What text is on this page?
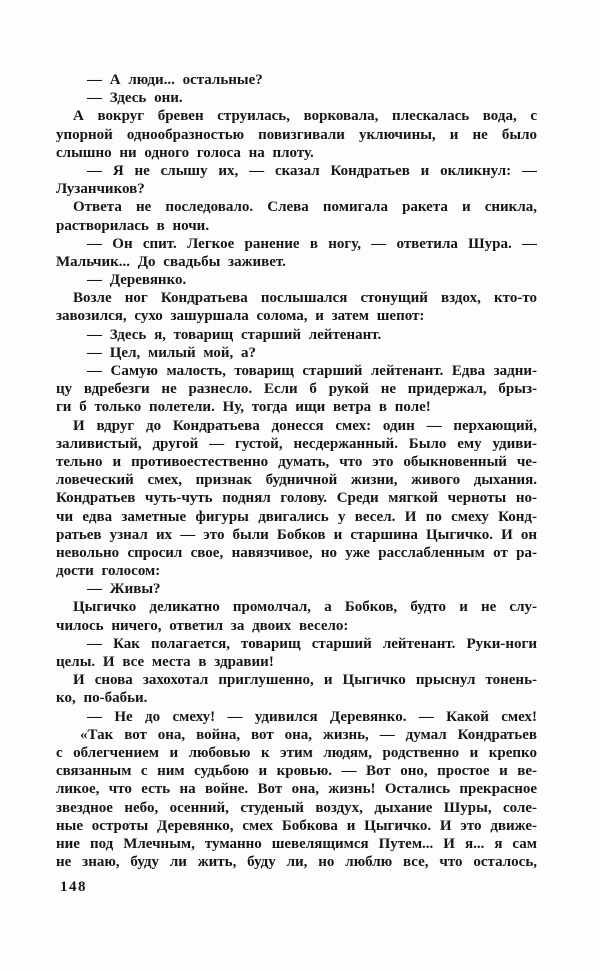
— А люди... остальные?
— Здесь они.
А вокруг бревен струилась, ворковала, плескалась вода, с
упорной однообразностью повизгивали уключины, и не было
слышно ни одного голоса на плоту.
— Я не слышу их, — сказал Кондратьев и окликнул: —
Лузанчиков?
Ответа не последовало. Слева помигала ракета и сникла,
растворилась в ночи.
— Он спит. Легкое ранение в ногу, — ответила Шура. —
Мальчик... До свадьбы заживет.
— Деревянко.
Возле ног Кондратьева послышался стонущий вздох, кто-то
завозился, сухо зашуршала солома, и затем шепот:
— Здесь я, товарищ старший лейтенант.
— Цел, милый мой, а?
— Самую малость, товарищ старший лейтенант. Едва задни-
цу вдребезги не разнесло. Если б рукой не придержал, брыз-
ги б только полетели. Ну, тогда ищи ветра в поле!
И вдруг до Кондратьева донесся смех: один — перхающий,
заливистый, другой — густой, несдержанный. Было ему удиви-
тельно и противоестественно думать, что это обыкновенный че-
ловеческий смех, признак будничной жизни, живого дыхания.
Кондратьев чуть-чуть поднял голову. Среди мягкой черноты но-
чи едва заметные фигуры двигались у весел. И по смеху Конд-
ратьев узнал их — это были Бобков и старшина Цыгичко. И он
невольно спросил свое, навязчивое, но уже расслабленным от ра-
дости голосом:
— Живы?
Цыгичко деликатно промолчал, а Бобков, будто и не слу-
чилось ничего, ответил за двоих весело:
— Как полагается, товарищ старший лейтенант. Руки-ноги
целы. И все места в здравии!
И снова захохотал приглушенно, и Цыгичко прыснул тонень-
ко, по-бабьи.
— Не до смеху! — удивился Деревянко. — Какой смех!
«Так вот она, война, вот она, жизнь, — думал Кондратьев
с облегчением и любовью к этим людям, родственно и крепко
связанным с ним судьбою и кровью. — Вот оно, простое и ве-
ликое, что есть на войне. Вот она, жизнь! Остались прекрасное
звездное небо, осенний, студеный воздух, дыхание Шуры, соле-
ные остроты Деревянко, смех Бобкова и Цыгичко. И это движе-
ние под Млечным, туманно шевелящимся Путем... И я... я сам
не знаю, буду ли жить, буду ли, но люблю все, что осталось,
148
